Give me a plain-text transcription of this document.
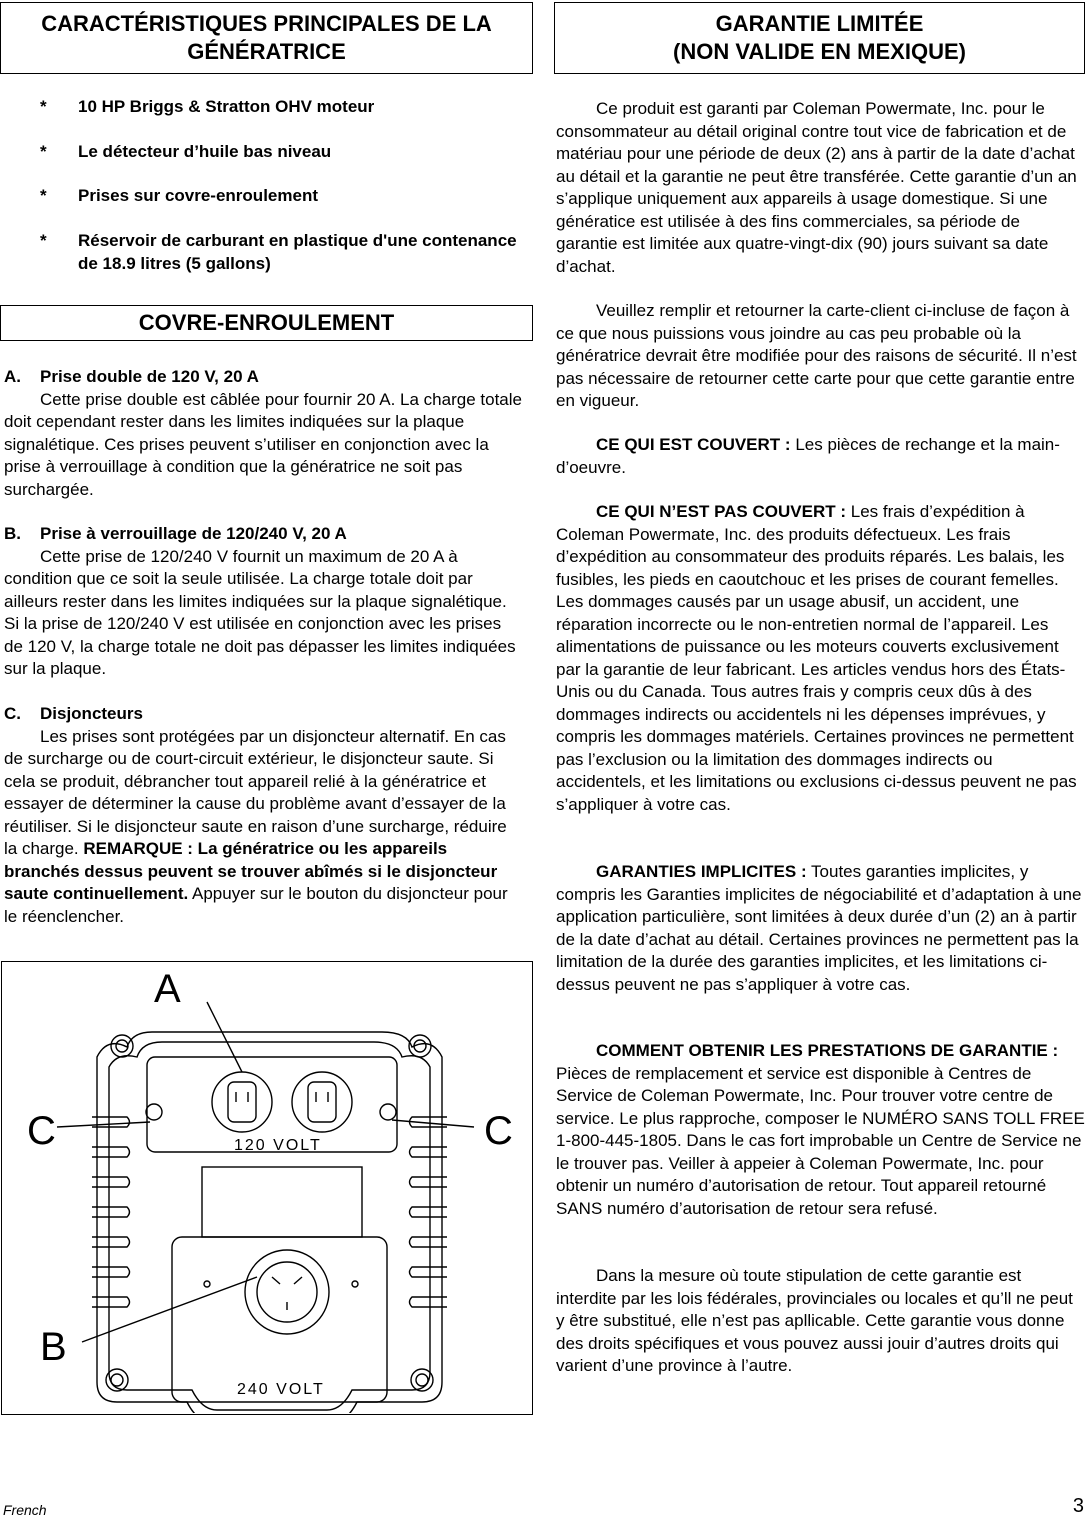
CARACTÉRISTIQUES PRINCIPALES DE LA GÉNÉRATRICE
* 10 HP Briggs & Stratton OHV moteur
* Le détecteur d’huile bas niveau
* Prises sur covre-enroulement
* Réservoir de carburant en plastique d'une contenance de 18.9 litres (5 gallons)
COVRE-ENROULEMENT
A. Prise double de 120 V, 20 A

Cette prise double est câblée pour fournir 20 A. La charge totale doit cependant rester dans les limites indiquées sur la plaque signalétique. Ces prises peuvent s’utiliser en conjonction avec la prise à verrouillage à condition que la génératrice ne soit pas surchargée.

B. Prise à verrouillage de 120/240 V, 20 A

Cette prise de 120/240 V fournit un maximum de 20 A à condition que ce soit la seule utilisée. La charge totale doit par ailleurs rester dans les limites indiquées sur la plaque signalétique. Si la prise de 120/240 V est utilisée en conjonction avec les prises de 120 V, la charge totale ne doit pas dépasser les limites indiquées sur la plaque.

C. Disjoncteurs

Les prises sont protégées par un disjoncteur alternatif. En cas de surcharge ou de court-circuit extérieur, le disjoncteur saute. Si cela se produit, débrancher tout appareil relié à la génératrice et essayer de déterminer la cause du problème avant d’essayer de la réutiliser. Si le disjoncteur saute en raison d’une surcharge, réduire la charge. REMARQUE : La génératrice ou les appareils branchés dessus peuvent se trouver abîmés si le disjoncteur saute continuellement. Appuyer sur le bouton du disjoncteur pour le réenclencher.

A
C	C
B
120 VOLT
240 VOLT
GARANTIE LIMITÉE
(NON VALIDE EN MEXIQUE)

Ce produit est garanti par Coleman Powermate, Inc. pour le consommateur au détail original contre tout vice de fabrication et de matériau pour une période de deux (2) ans à partir de la date d’achat au détail et la garantie ne peut être transférée. Cette garantie d’un an s’applique uniquement aux appareils à usage domestique. Si une génératice est utilisée à des fins commerciales, sa période de garantie est limitée aux quatre-vingt-dix (90) jours suivant sa date d’achat.

Veuillez remplir et retourner la carte-client ci-incluse de façon à ce que nous puissions vous joindre au cas peu probable où la génératrice devrait être modifiée pour des raisons de sécurité. Il n’est pas nécessaire de retourner cette carte pour que cette garantie entre en vigueur.

CE QUI EST COUVERT : Les pièces de rechange et la main-d’oeuvre.

CE QUI N’EST PAS COUVERT : Les frais d’expédition à Coleman Powermate, Inc. des produits défectueux. Les frais d’expédition au consommateur des produits réparés. Les balais, les fusibles, les pieds en caoutchouc et les prises de courant femelles. Les dommages causés par un usage abusif, un accident, une réparation incorrecte ou le non-entretien normal de l’appareil. Les alimentations de puissance ou les moteurs couverts exclusivement par la garantie de leur fabricant. Les articles vendus hors des États-Unis ou du Canada. Tous autres frais y compris ceux dûs à des dommages indirects ou accidentels ni les dépenses imprévues, y compris les dommages matériels. Certaines provinces ne permettent pas l’exclusion ou la limitation des dommages indirects ou accidentels, et les limitations ou exclusions ci-dessus peuvent ne pas s’appliquer à votre cas.

GARANTIES IMPLICITES : Toutes garanties implicites, y compris les Garanties implicites de négociabilité et d’adaptation à une application particulière, sont limitées à deux durée d’un (2) an à partir de la date d’achat au détail. Certaines provinces ne permettent pas la limitation de la durée des garanties implicites, et les limitations ci-dessus peuvent ne pas s’appliquer à votre cas.

COMMENT OBTENIR LES PRESTATIONS DE GARANTIE :  Pièces de remplacement et service est disponible à Centres de Service de Coleman Powermate, Inc. Pour trouver votre centre de service. Le plus rapproche, composer le NUMÉRO SANS TOLL FREE 1-800-445-1805. Dans le cas fort improbable un Centre de Service ne le trouver pas. Veiller à appeier à Coleman Powermate, Inc. pour obtenir un numéro d’autorisation de retour. Tout appareil retourné SANS numéro d’autorisation de retour sera refusé.

Dans la mesure où toute stipulation de cette garantie est interdite par les lois fédérales, provinciales ou locales et qu’ll ne peut y être substitué, elle n’est pas apllicable. Cette garantie vous donne des droits spécifiques et vous pouvez aussi jouir d’autres droits qui varient d’une province à l’autre.

French	3
